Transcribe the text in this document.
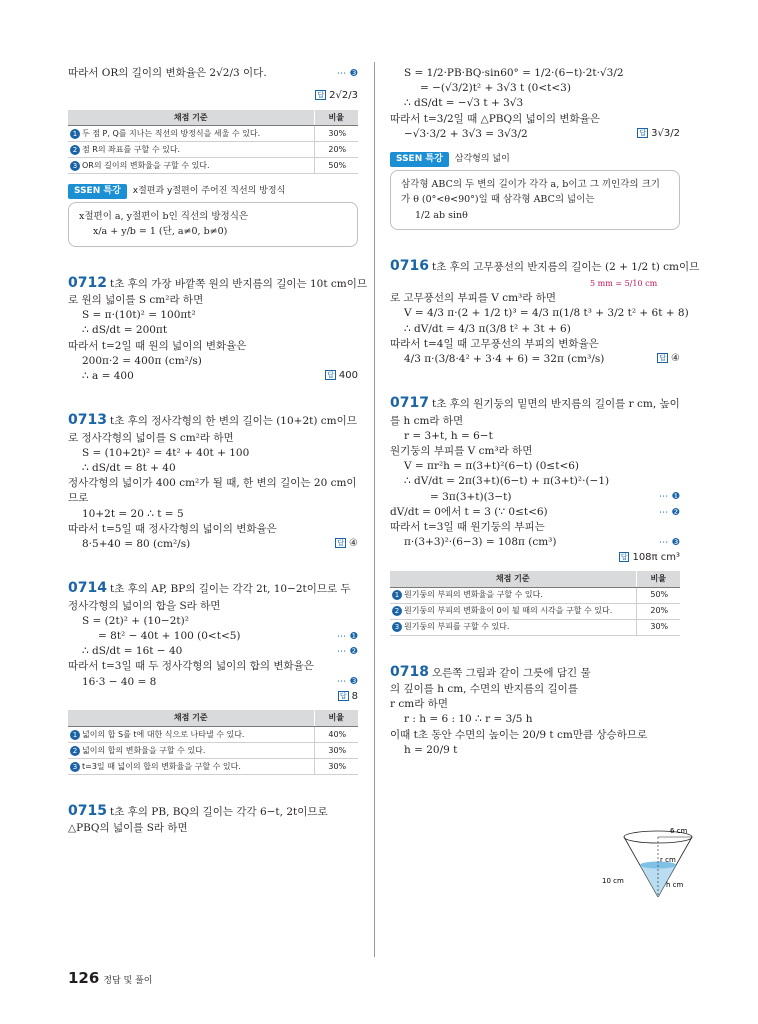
따라서 OR의 길이의 변화율은 2√2/3 이다.	⋯ ❸
답 2√2/3
채점 기준	비율
1 두 점 P, Q를 지나는 직선의 방정식을 세울 수 있다.	30%
2 점 R의 좌표를 구할 수 있다.	20%
3 OR의 길이의 변화율을 구할 수 있다.	50%
SSEN 특강	x절편과 y절편이 주어진 직선의 방정식
x절편이 a, y절편이 b인 직선의 방정식은
x/a + y/b = 1 (단, a≠0, b≠0)
0712 t초 후의 가장 바깥쪽 원의 반지름의 길이는 10t cm이므
로 원의 넓이를 S cm²라 하면
S = π·(10t)² = 100πt²
∴ dS/dt = 200πt
따라서 t=2일 때 원의 넓이의 변화율은
200π·2 = 400π (cm²/s)
∴ a = 400	답 400
0713 t초 후의 정사각형의 한 변의 길이는 (10+2t) cm이므
로 정사각형의 넓이를 S cm²라 하면
S = (10+2t)² = 4t² + 40t + 100
∴ dS/dt = 8t + 40
정사각형의 넓이가 400 cm²가 될 때, 한 변의 길이는 20 cm이
므로
10+2t = 20 ∴ t = 5
따라서 t=5일 때 정사각형의 넓이의 변화율은
8·5+40 = 80 (cm²/s)	답 ④
0714 t초 후의 AP, BP의 길이는 각각 2t, 10−2t이므로 두
정사각형의 넓이의 합을 S라 하면
S = (2t)² + (10−2t)²
= 8t² − 40t + 100 (0<t<5)	⋯ ❶
∴ dS/dt = 16t − 40	⋯ ❷
따라서 t=3일 때 두 정사각형의 넓이의 합의 변화율은
16·3 − 40 = 8	⋯ ❸
답 8
채점 기준	비율
1 넓이의 합 S를 t에 대한 식으로 나타낼 수 있다.	40%
2 넓이의 합의 변화율을 구할 수 있다.	30%
3 t=3일 때 넓이의 합의 변화율을 구할 수 있다.	30%
0715 t초 후의 PB, BQ의 길이는 각각 6−t, 2t이므로
△PBQ의 넓이를 S라 하면
S = 1/2·PB·BQ·sin60° = 1/2·(6−t)·2t·√3/2
= −(√3/2)t² + 3√3 t (0<t<3)
∴ dS/dt = −√3 t + 3√3
따라서 t=3/2일 때 △PBQ의 넓이의 변화율은
−√3·3/2 + 3√3 = 3√3/2	답 3√3/2
SSEN 특강	삼각형의 넓이
삼각형 ABC의 두 변의 길이가 각각 a, b이고 그 끼인각의 크기
가 θ (0°<θ<90°)일 때 삼각형 ABC의 넓이는
1/2 ab sinθ
0716 t초 후의 고무풍선의 반지름의 길이는 (2 + 1/2 t) cm이므
5 mm = 5/10 cm
로 고무풍선의 부피를 V cm³라 하면
V = 4/3 π·(2 + 1/2 t)³ = 4/3 π(1/8 t³ + 3/2 t² + 6t + 8)
∴ dV/dt = 4/3 π(3/8 t² + 3t + 6)
따라서 t=4일 때 고무풍선의 부피의 변화율은
4/3 π·(3/8·4² + 3·4 + 6) = 32π (cm³/s)	답 ④
0717 t초 후의 원기둥의 밑면의 반지름의 길이를 r cm, 높이
를 h cm라 하면
r = 3+t, h = 6−t
원기둥의 부피를 V cm³라 하면
V = πr²h = π(3+t)²(6−t) (0≤t<6)
∴ dV/dt = 2π(3+t)(6−t) + π(3+t)²·(−1)
= 3π(3+t)(3−t)	⋯ ❶
dV/dt = 0에서 t = 3 (∵ 0≤t<6)	⋯ ❷
따라서 t=3일 때 원기둥의 부피는
π·(3+3)²·(6−3) = 108π (cm³)	⋯ ❸
답 108π cm³
채점 기준	비율
1 원기둥의 부피의 변화율을 구할 수 있다.	50%
2 원기둥의 부피의 변화율이 0이 될 때의 시각을 구할 수 있다.	20%
3 원기둥의 부피를 구할 수 있다.	30%
0718 오른쪽 그림과 같이 그릇에 담긴 물
의 깊이를 h cm, 수면의 반지름의 길이를
r cm라 하면
r : h = 6 : 10 ∴ r = 3/5 h
이때 t초 동안 수면의 높이는 20/9 t cm만큼 상승하므로
h = 20/9 t
6 cm
r cm
10 cm	h cm
126 정답 및 풀이
